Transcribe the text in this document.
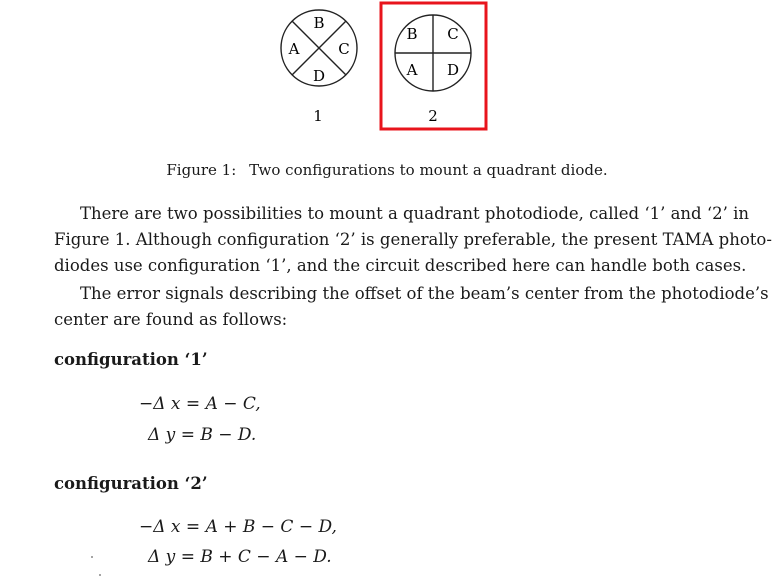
B
A	C
D
1
B C
A D
2
Figure 1: Two configurations to mount a quadrant diode.
There are two possibilities to mount a quadrant photodiode, called ‘1’ and ‘2’ in
Figure 1. Although configuration ‘2’ is generally preferable, the present TAMA photo-
diodes use configuration ‘1’, and the circuit described here can handle both cases.
The error signals describing the offset of the beam’s center from the photodiode’s
center are found as follows:
configuration ‘1’
−Δ x = A − C,
Δ y = B − D.
configuration ‘2’
−Δ x = A + B − C − D,
Δ y = B + C − A − D.
